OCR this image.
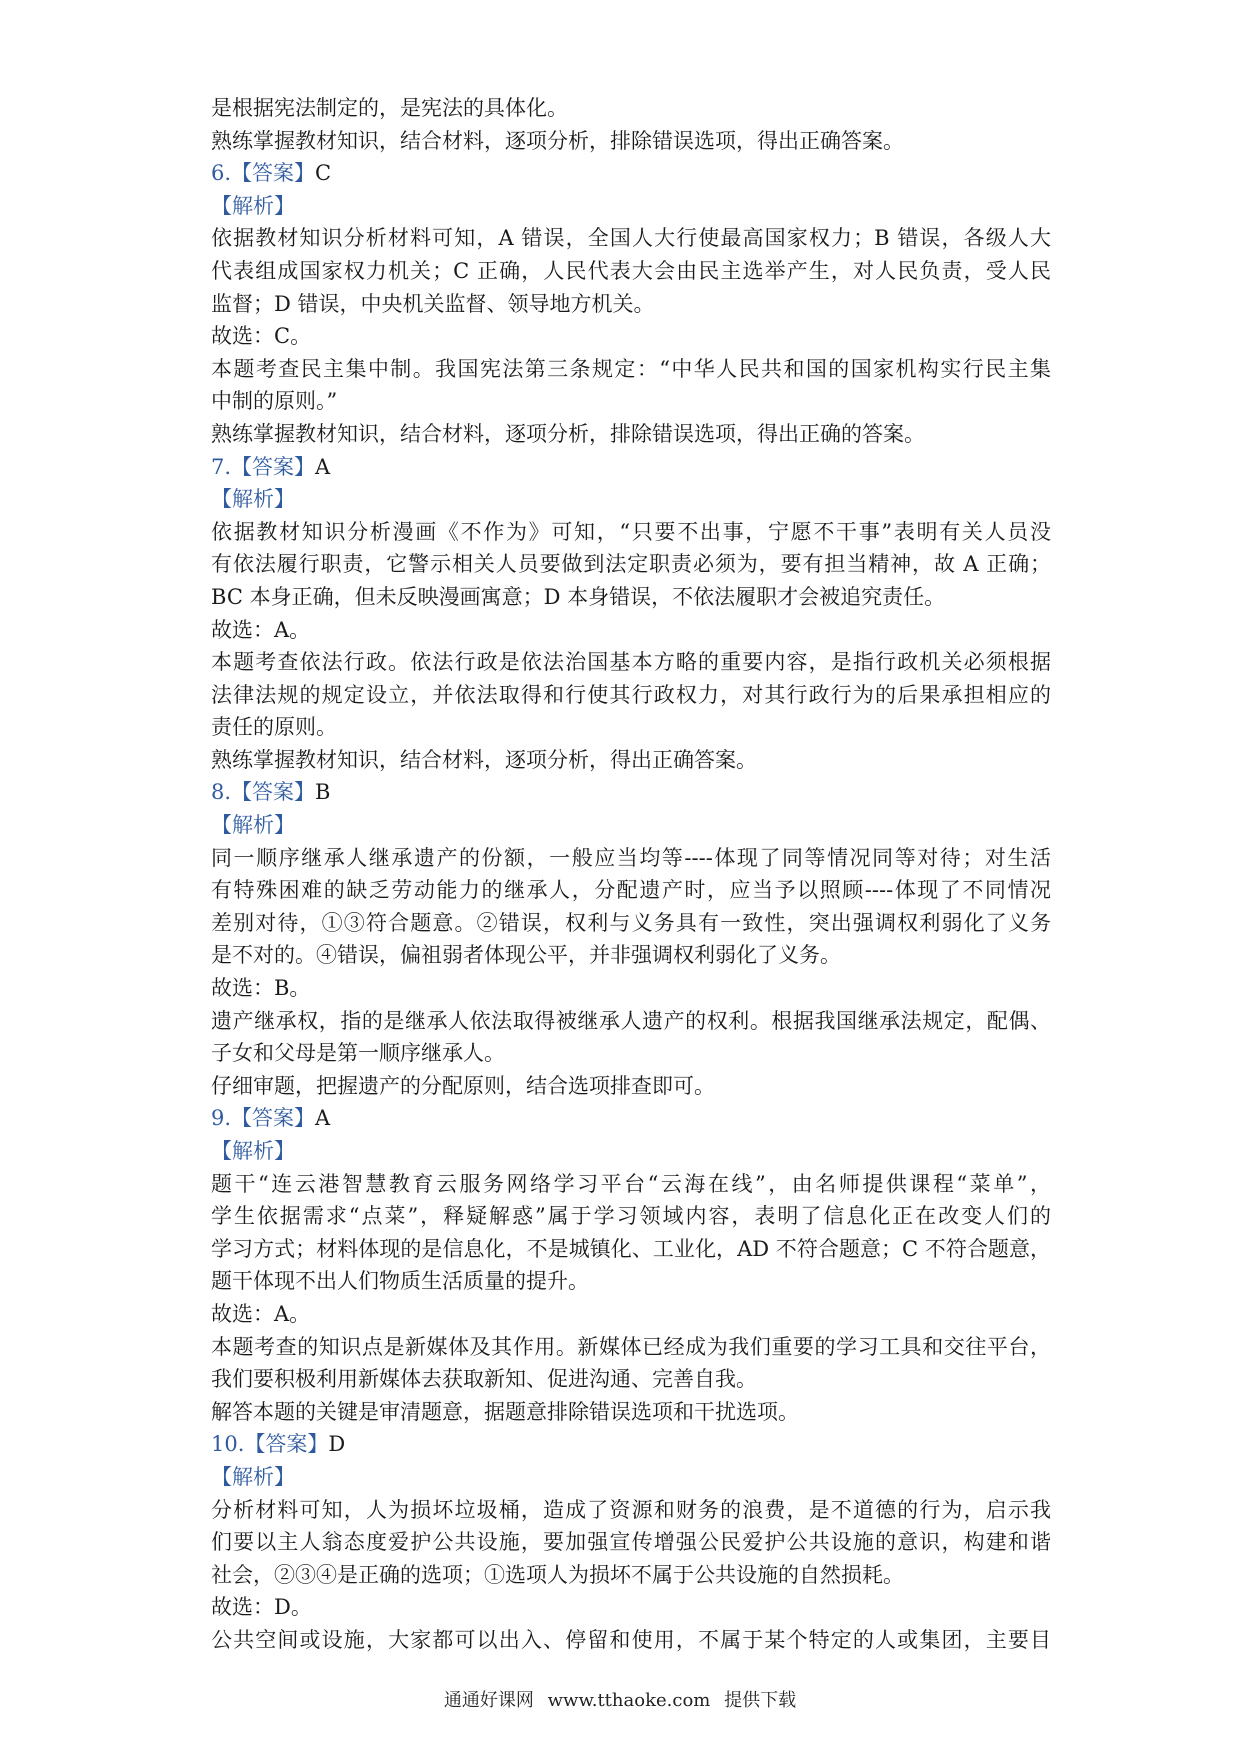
是根据宪法制定的，是宪法的具体化。
熟练掌握教材知识，结合材料，逐项分析，排除错误选项，得出正确答案。
6.【答案】C
【解析】
依据教材知识分析材料可知，A 错误，全国人大行使最高国家权力；B 错误，各级人大
代表组成国家权力机关；C 正确，人民代表大会由民主选举产生，对人民负责，受人民
监督；D 错误，中央机关监督、领导地方机关。
故选：C。
本题考查民主集中制。我国宪法第三条规定：“中华人民共和国的国家机构实行民主集
中制的原则。”
熟练掌握教材知识，结合材料，逐项分析，排除错误选项，得出正确的答案。
7.【答案】A
【解析】
依据教材知识分析漫画《不作为》可知，“只要不出事，宁愿不干事”表明有关人员没
有依法履行职责，它警示相关人员要做到法定职责必须为，要有担当精神，故 A 正确；
BC 本身正确，但未反映漫画寓意；D 本身错误，不依法履职才会被追究责任。
故选：A。
本题考查依法行政。依法行政是依法治国基本方略的重要内容，是指行政机关必须根据
法律法规的规定设立，并依法取得和行使其行政权力，对其行政行为的后果承担相应的
责任的原则。
熟练掌握教材知识，结合材料，逐项分析，得出正确答案。
8.【答案】B
【解析】
同一顺序继承人继承遗产的份额，一般应当均等----体现了同等情况同等对待；对生活
有特殊困难的缺乏劳动能力的继承人，分配遗产时，应当予以照顾----体现了不同情况
差别对待，①③符合题意。②错误，权利与义务具有一致性，突出强调权利弱化了义务
是不对的。④错误，偏祖弱者体现公平，并非强调权利弱化了义务。
故选：B。
遗产继承权，指的是继承人依法取得被继承人遗产的权利。根据我国继承法规定，配偶、
子女和父母是第一顺序继承人。
仔细审题，把握遗产的分配原则，结合选项排查即可。
9.【答案】A
【解析】
题干“连云港智慧教育云服务网络学习平台“云海在线”，由名师提供课程“菜单”，
学生依据需求“点菜”，释疑解惑”属于学习领域内容，表明了信息化正在改变人们的
学习方式；材料体现的是信息化，不是城镇化、工业化，AD 不符合题意；C 不符合题意，
题干体现不出人们物质生活质量的提升。
故选：A。
本题考查的知识点是新媒体及其作用。新媒体已经成为我们重要的学习工具和交往平台，
我们要积极利用新媒体去获取新知、促进沟通、完善自我。
解答本题的关键是审清题意，据题意排除错误选项和干扰选项。
10.【答案】D
【解析】
分析材料可知，人为损坏垃圾桶，造成了资源和财务的浪费，是不道德的行为，启示我
们要以主人翁态度爱护公共设施，要加强宣传增强公民爱护公共设施的意识，构建和谐
社会，②③④是正确的选项；①选项人为损坏不属于公共设施的自然损耗。
故选：D。
公共空间或设施，大家都可以出入、停留和使用，不属于某个特定的人或集团，主要目
通通好课网 www.tthaoke.com 提供下载
